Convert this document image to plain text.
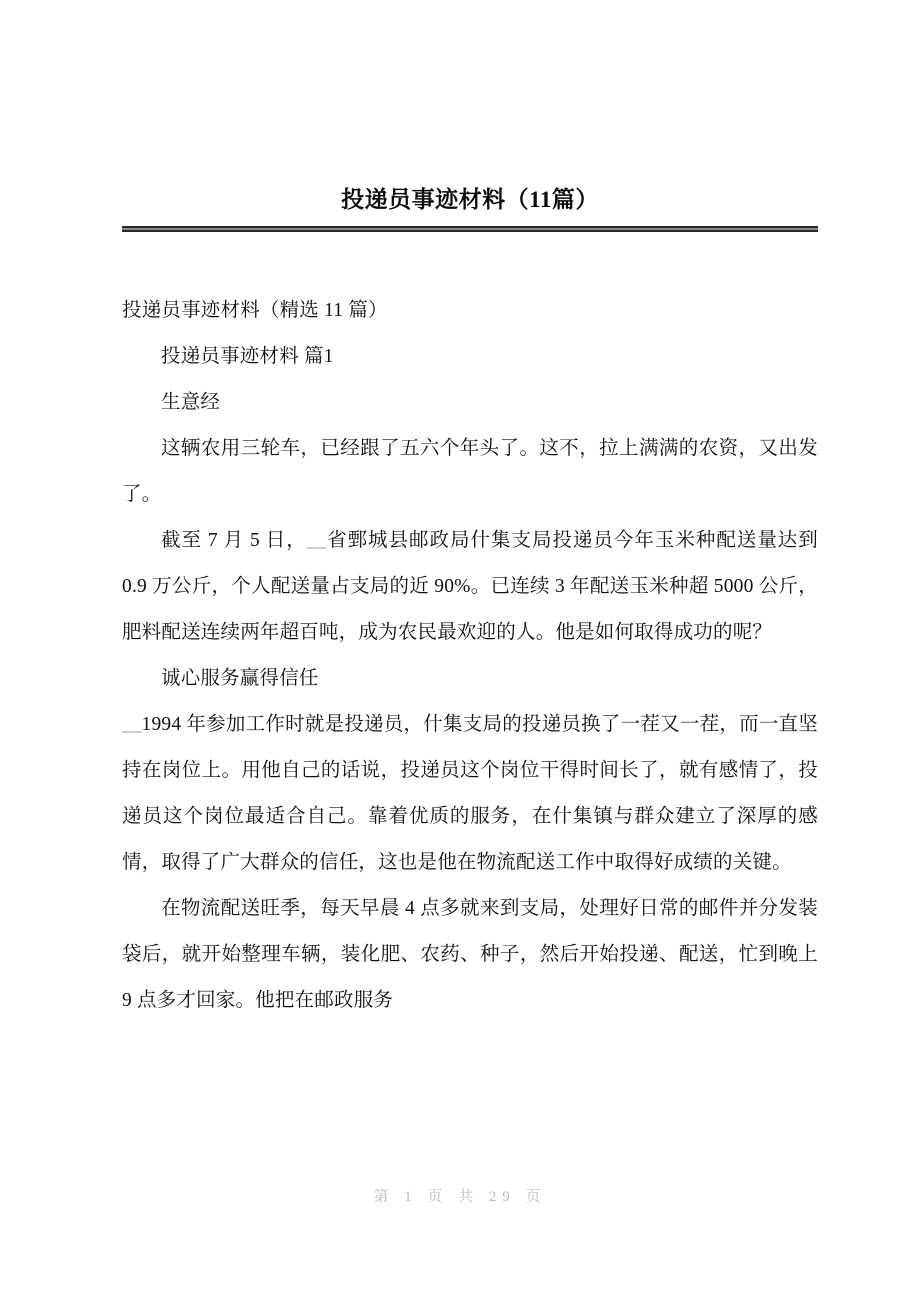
投递员事迹材料（11篇）

投递员事迹材料（精选 11 篇）

投递员事迹材料 篇1

生意经

这辆农用三轮车，已经跟了五六个年头了。这不，拉上满满的农资，又出发了。

截至 7 月 5 日，__省鄄城县邮政局什集支局投递员今年玉米种配送量达到 0.9 万公斤，个人配送量占支局的近 90%。已连续 3 年配送玉米种超 5000 公斤，肥料配送连续两年超百吨，成为农民最欢迎的人。他是如何取得成功的呢？

诚心服务赢得信任

__1994 年参加工作时就是投递员，什集支局的投递员换了一茬又一茬，而一直坚持在岗位上。用他自己的话说，投递员这个岗位干得时间长了，就有感情了，投递员这个岗位最适合自己。靠着优质的服务，在什集镇与群众建立了深厚的感情，取得了广大群众的信任，这也是他在物流配送工作中取得好成绩的关键。

在物流配送旺季，每天早晨 4 点多就来到支局，处理好日常的邮件并分发装袋后，就开始整理车辆，装化肥、农药、种子，然后开始投递、配送，忙到晚上 9 点多才回家。他把在邮政服务

第 1 页 共 29 页
